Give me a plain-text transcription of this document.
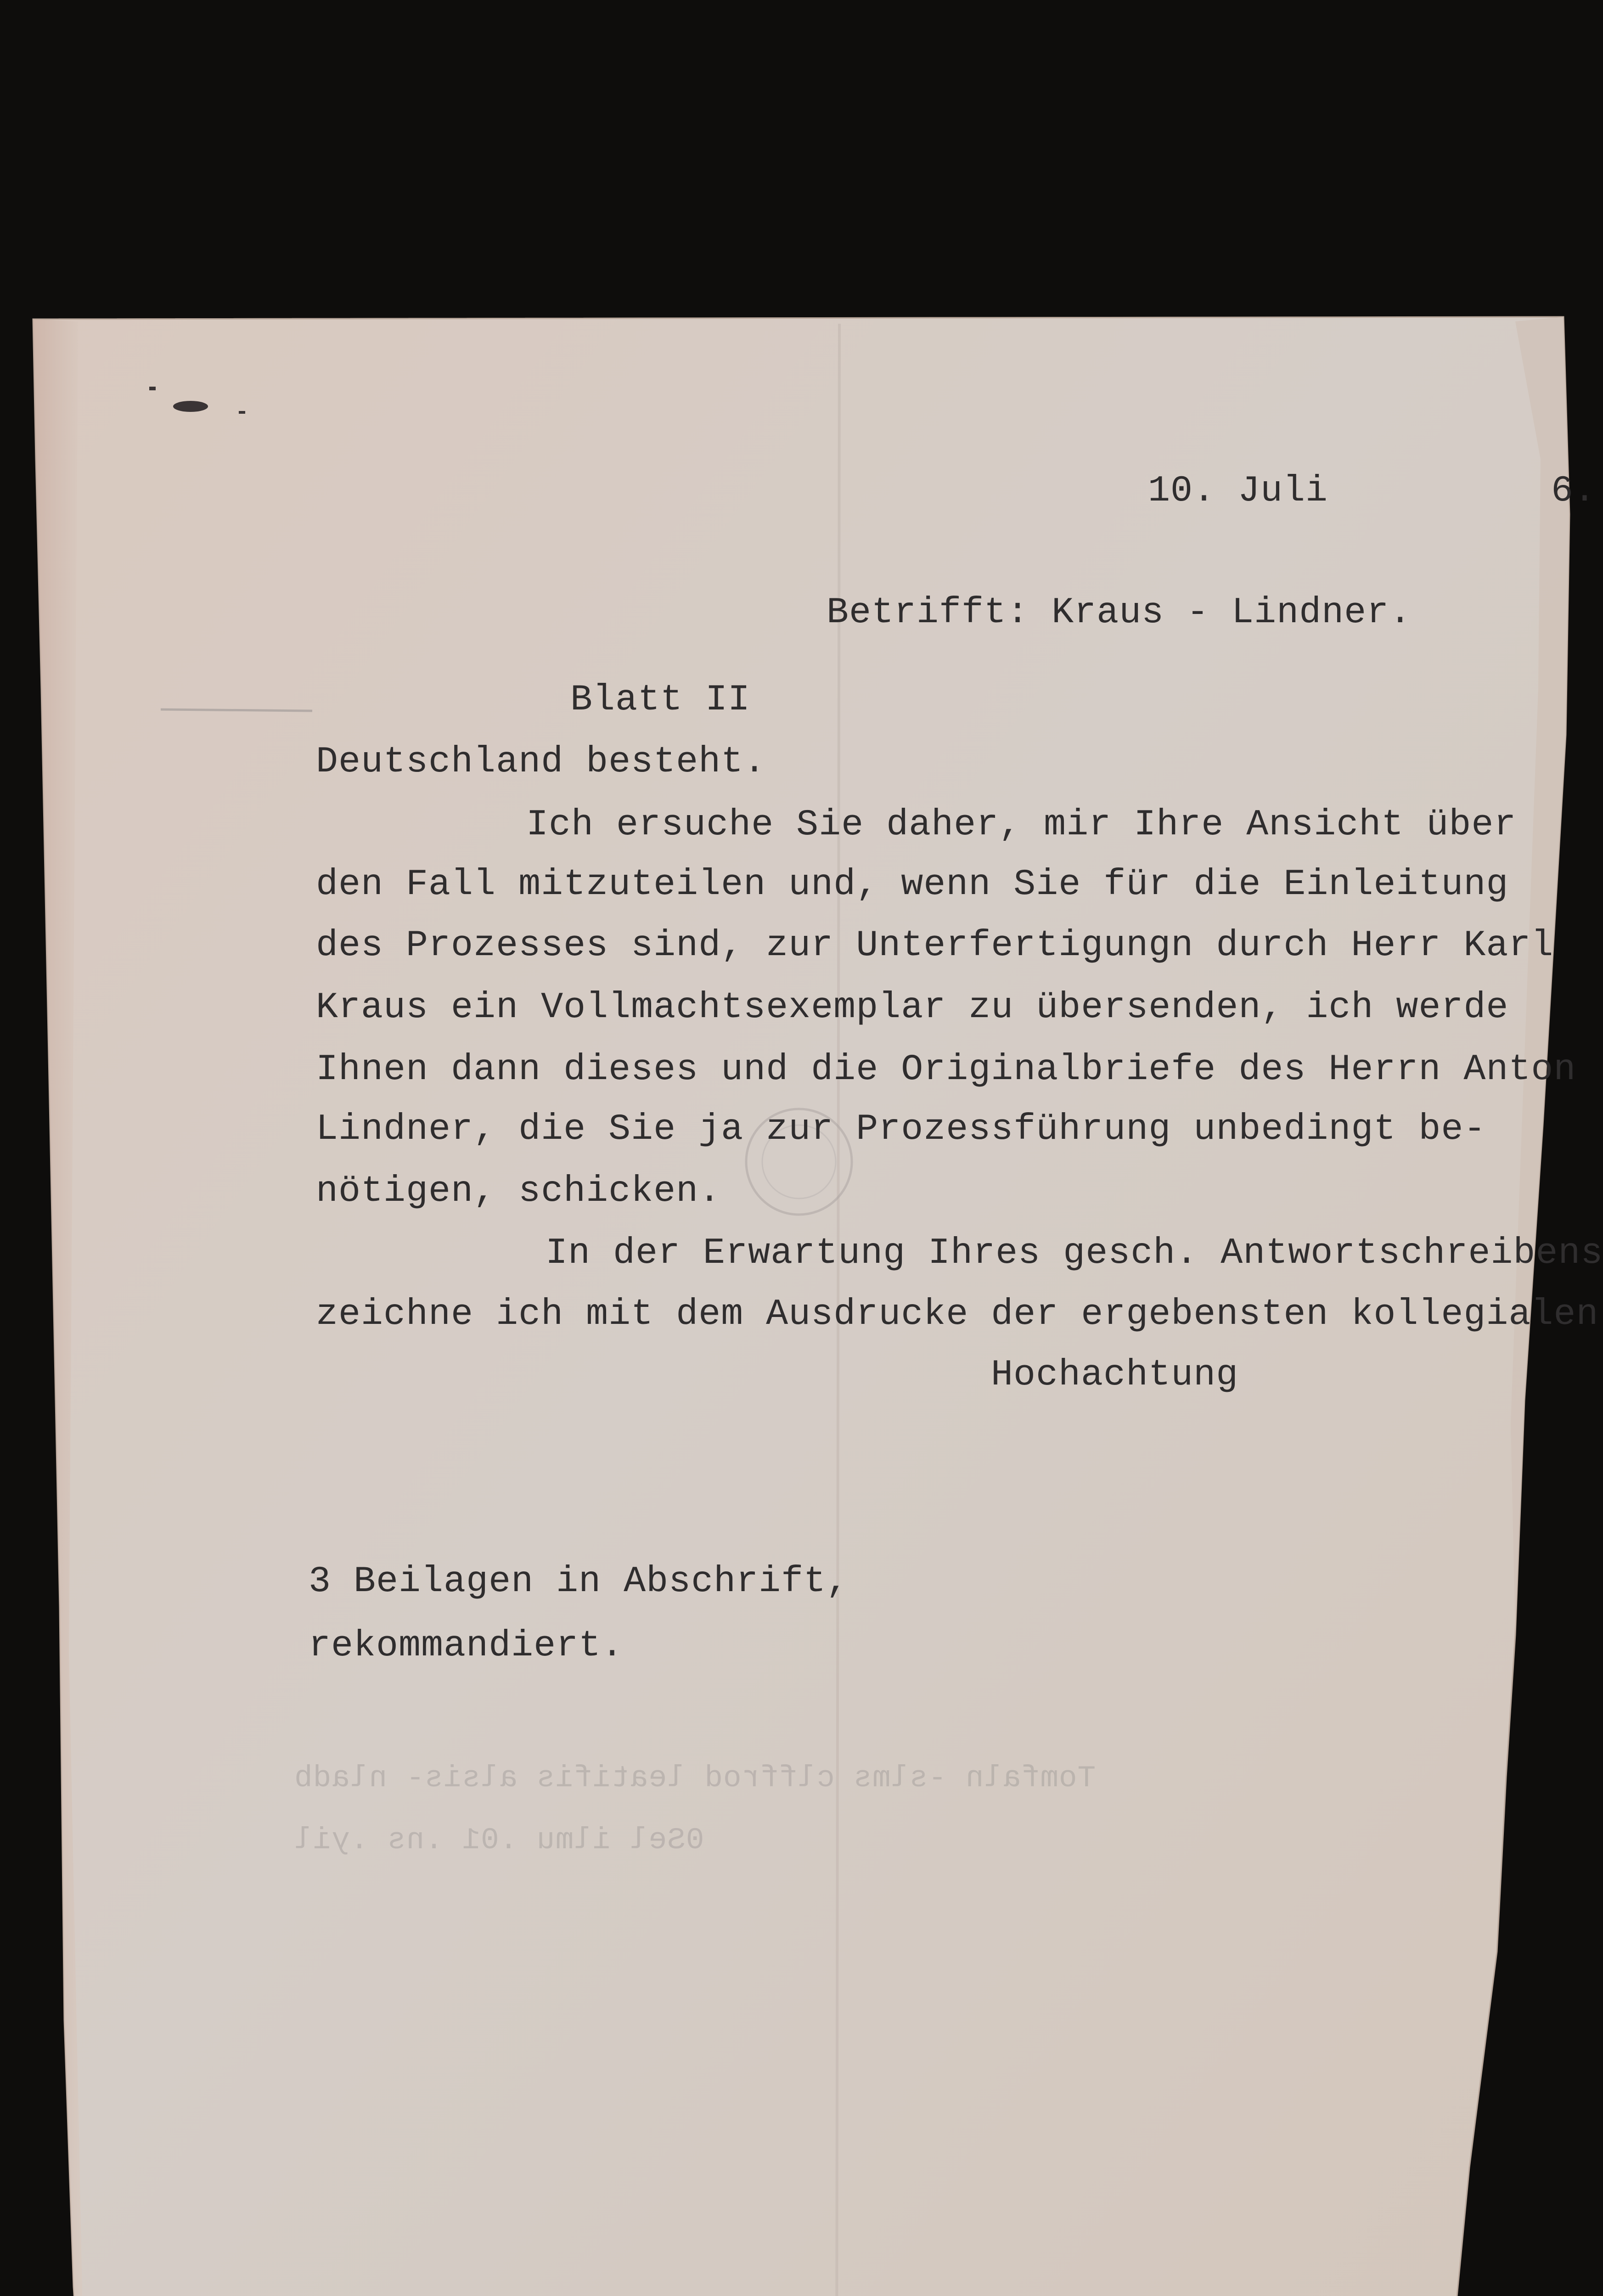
10. Juli	6.
Betrifft: Kraus - Lindner.
Blatt II
Deutschland besteht.
Ich ersuche Sie daher, mir Ihre Ansicht über
den Fall mitzuteilen und, wenn Sie für die Einleitung
des Prozesses sind, zur Unterfertigungn durch Herr Karl
Kraus ein Vollmachtsexemplar zu übersenden, ich werde
Ihnen dann dieses und die Originalbriefe des Herrn Anton
Lindner, die Sie ja zur Prozessführung unbedingt be-
nötigen, schicken.
In der Erwartung Ihres gesch. Antwortschreibens
zeichne ich mit dem Ausdrucke der ergebensten kollegialen
Hochachtung
3 Beilagen in Abschrift,
rekommandiert.
Tomfaln -slms clffrod leatifis alsis- nladb
0Sel ilmu .01 .ns .yil
